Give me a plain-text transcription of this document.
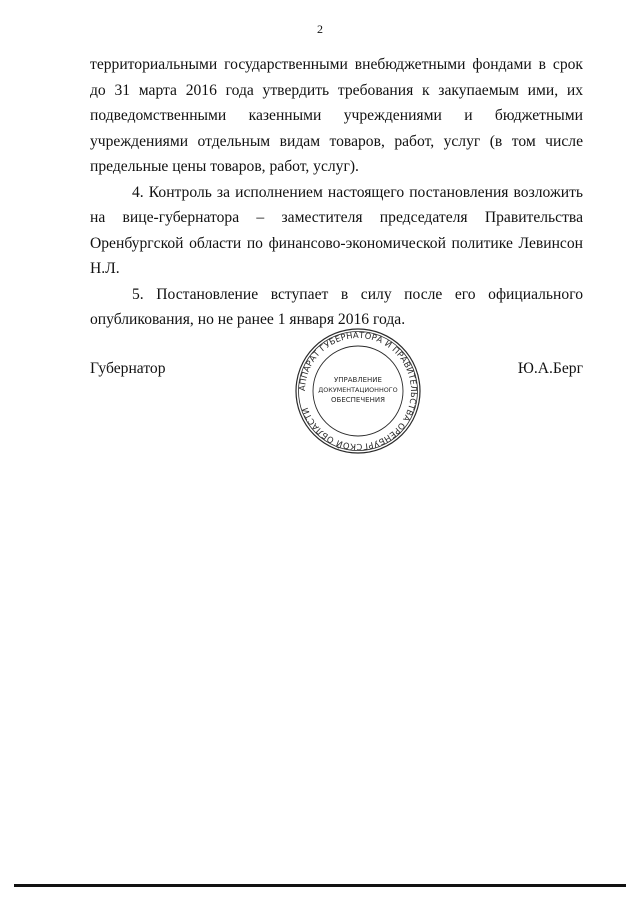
2

территориальными государственными внебюджетными фондами в срок до 31 марта 2016 года утвердить требования к закупаемым ими, их подведомственными казенными учреждениями и бюджетными учреждениями отдельным видам товаров, работ, услуг (в том числе предельные цены товаров, работ, услуг).

4. Контроль за исполнением настоящего постановления возложить на вице-губернатора – заместителя председателя Правительства Оренбургской области по финансово-экономической политике Левинсон Н.Л.

5. Постановление вступает в силу после его официального опубликования, но не ранее 1 января 2016 года.

Губернатор	Ю.А.Берг
АППАРАТ ГУБЕРНАТОРА И ПРАВИТЕЛЬСТВА ОРЕНБУРГСКОЙ ОБЛАСТИ
УПРАВЛЕНИЕ
ДОКУМЕНТАЦИОННОГО
ОБЕСПЕЧЕНИЯ
